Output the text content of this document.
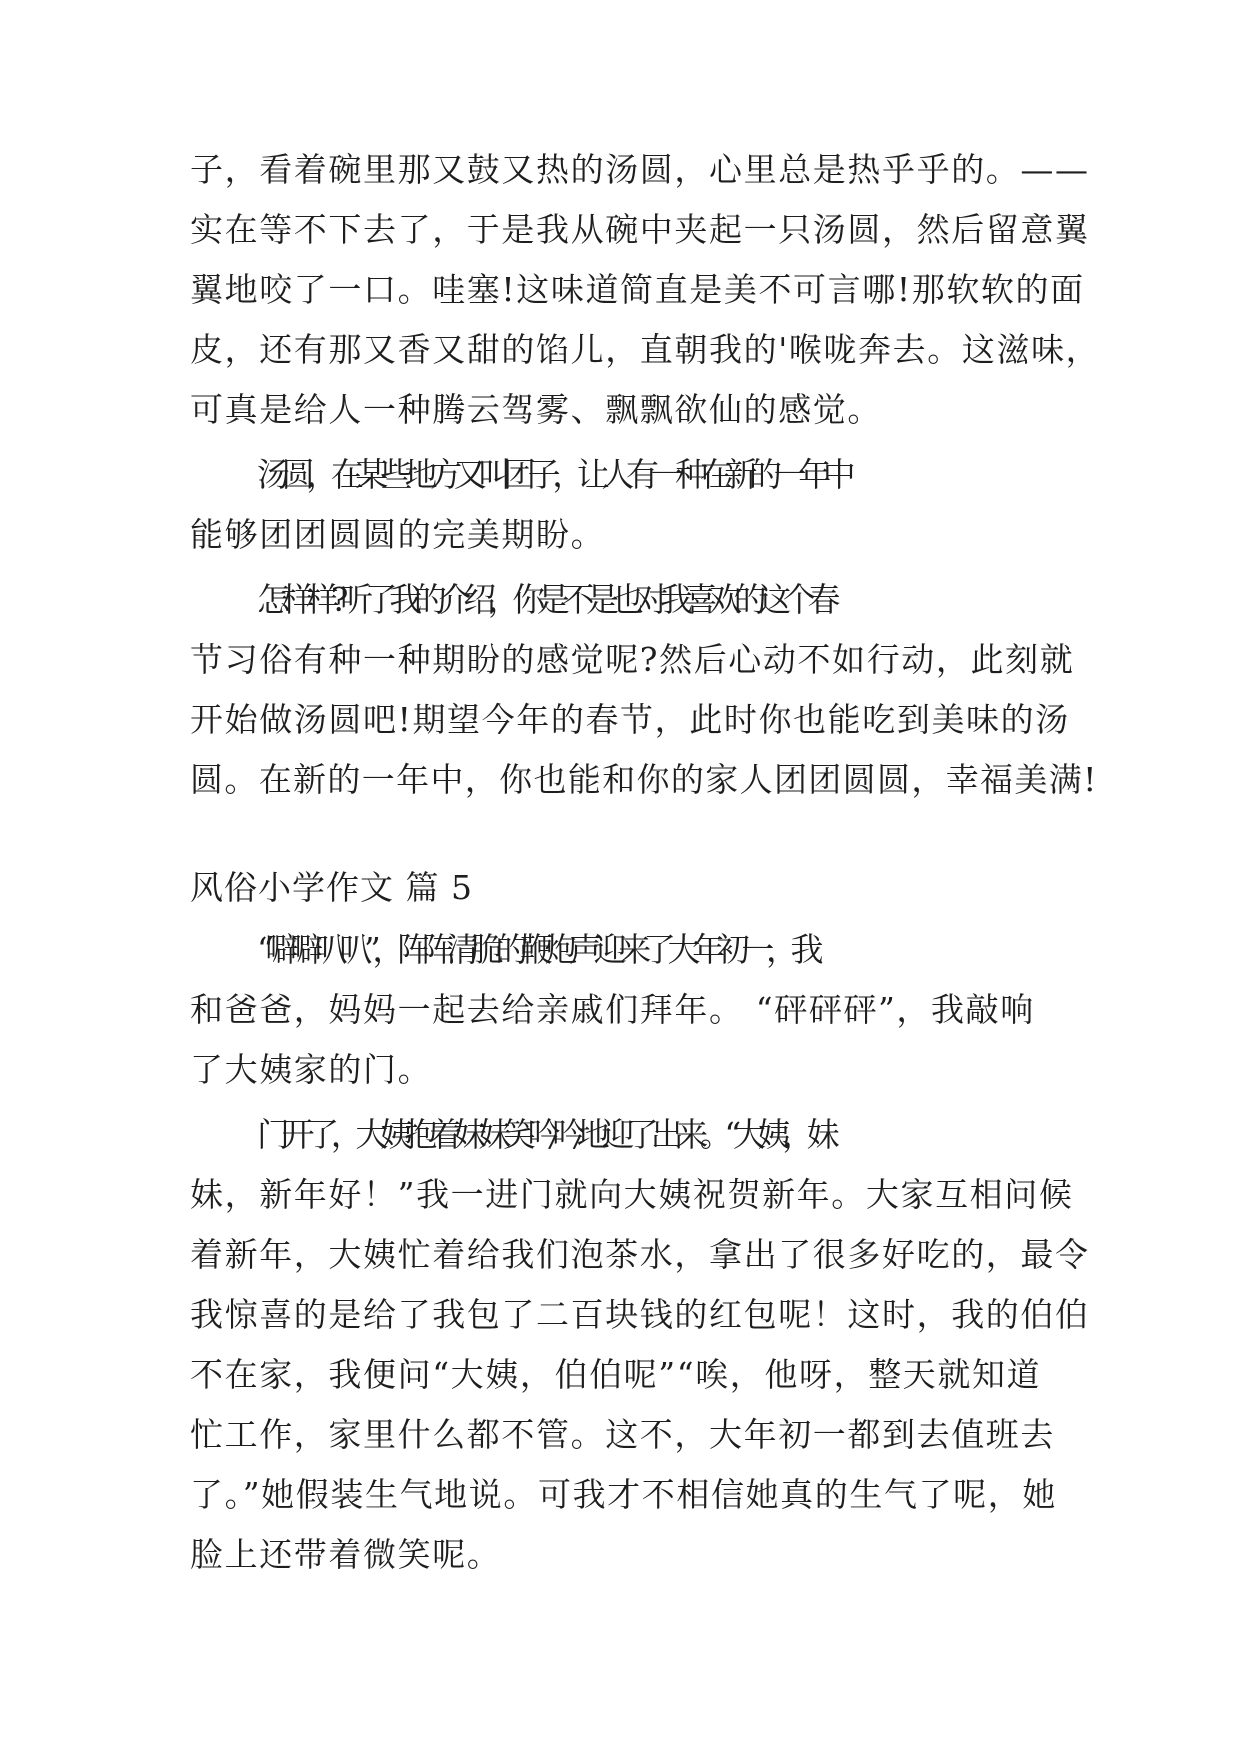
子，看着碗里那又鼓又热的汤圆，心里总是热乎乎的。——
实在等不下去了，于是我从碗中夹起一只汤圆，然后留意翼
翼地咬了一口。哇塞!这味道简直是美不可言哪!那软软的面
皮，还有那又香又甜的馅儿，直朝我的'喉咙奔去。这滋味，
可真是给人一种腾云驾雾、飘飘欲仙的感觉。
汤圆，在某些地方又叫团子，让人有一种在新的一年中
能够团团圆圆的完美期盼。
怎样样?听了我的介绍，你是不是也对我喜欢的这个春
节习俗有种一种期盼的感觉呢?然后心动不如行动，此刻就
开始做汤圆吧!期望今年的春节，此时你也能吃到美味的汤
圆。在新的一年中，你也能和你的家人团团圆圆，幸福美满!
风俗小学作文 篇 5
“噼噼叭叭”，阵阵清脆的鞭炮声迎来了大年初一，我
和爸爸，妈妈一起去给亲戚们拜年。 “砰砰砰”，我敲响
了大姨家的门。
门开了，大姨抱着妹妹笑吟吟地迎了出来。“大姨，妹
妹，新年好！”我一进门就向大姨祝贺新年。大家互相问候
着新年，大姨忙着给我们泡茶水，拿出了很多好吃的，最令
我惊喜的是给了我包了二百块钱的红包呢！这时，我的伯伯
不在家，我便问“大姨，伯伯呢”“唉，他呀，整天就知道
忙工作，家里什么都不管。这不，大年初一都到去值班去
了。”她假装生气地说。可我才不相信她真的生气了呢，她
脸上还带着微笑呢。
